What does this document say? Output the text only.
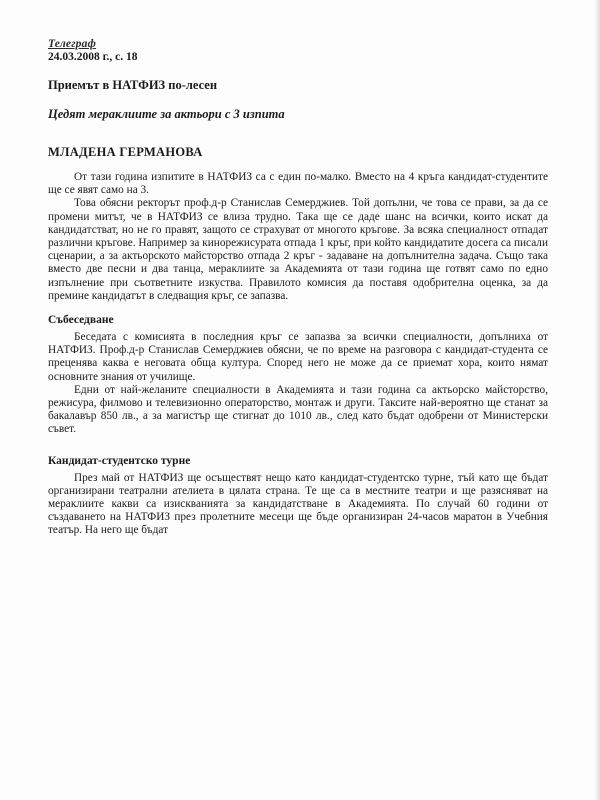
Телеграф
24.03.2008 г., с. 18
Приемът в НАТФИЗ по-лесен
Цедят мераклиите за актьори с 3 изпита
МЛАДЕНА ГЕРМАНОВА

От тази година изпитите в НАТФИЗ са с един по-малко. Вместо на 4 кръга кандидат-студентите ще се явят само на 3.

Това обясни ректорът проф.д-р Станислав Семерджиев. Той допълни, че това се прави, за да се промени митът, че в НАТФИЗ се влиза трудно. Така ще се даде шанс на всички, които искат да кандидатстват, но не го правят, защото се страхуват от многото кръгове. За всяка специалност отпадат различни кръгове. Например за кинорежисурата отпада 1 кръг, при който кандидатите досега са писали сценарии, а за актьорското майсторство отпада 2 кръг - задаване на допълнителна задача. Също така вместо две песни и два танца, мераклиите за Академията от тази година ще готвят само по едно изпълнение при съответните изкуства. Правилото комисия да поставя одобрителна оценка, за да премине кандидатът в следващия кръг, се запазва.

Събеседване

Беседата с комисията в последния кръг се запазва за всички специалности, допълниха от НАТФИЗ. Проф.д-р Станислав Семерджиев обясни, че по време на разговора с кандидат-студента се преценява каква е неговата обща култура. Според него не може да се приемат хора, които нямат основните знания от училище.

Едни от най-желаните специалности в Академията и тази година са актьорско майсторство, режисура, филмово и телевизионно операторство, монтаж и други. Таксите най-вероятно ще станат за бакалавър 850 лв., а за магистър ще стигнат до 1010 лв., след като бъдат одобрени от Министерски съвет.

Кандидат-студентско турне

През май от НАТФИЗ ще осъществят нещо като кандидат-студентско турне, тъй като ще бъдат организирани театрални ателиета в цялата страна. Те ще са в местните театри и ще разясняват на мераклиите какви са изискванията за кандидатстване в Академията. По случай 60 години от създаването на НАТФИЗ през пролетните месеци ще бъде организиран 24-часов маратон в Учебния театър. На него ще бъдат
